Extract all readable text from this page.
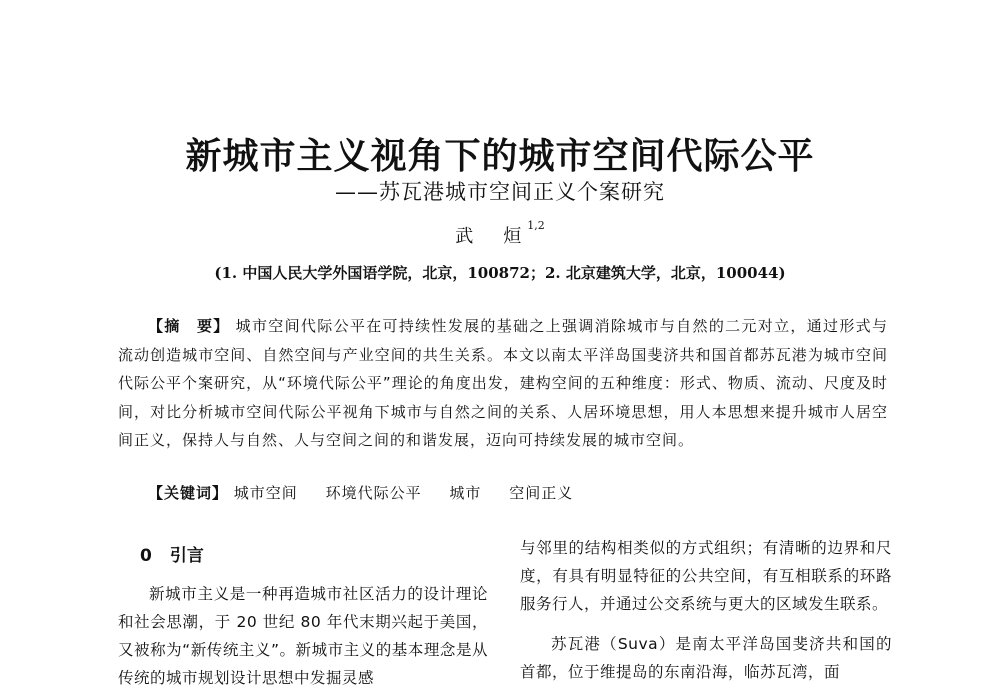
新城市主义视角下的城市空间代际公平
——苏瓦港城市空间正义个案研究
武　烜$^{1,2}$
(1. 中国人民大学外国语学院，北京，100872；2. 北京建筑大学，北京，100044)
【摘　要】 城市空间代际公平在可持续性发展的基础之上强调消除城市与自然的二元对立，通过形式与流动创造城市空间、自然空间与产业空间的共生关系。本文以南太平洋岛国斐济共和国首都苏瓦港为城市空间代际公平个案研究，从“环境代际公平”理论的角度出发，建构空间的五种维度：形式、物质、流动、尺度及时间，对比分析城市空间代际公平视角下城市与自然之间的关系、人居环境思想，用人本思想来提升城市人居空间正义，保持人与自然、人与空间之间的和谐发展，迈向可持续发展的城市空间。
【关键词】 城市空间 环境代际公平 城市 空间正义
0 引言
新城市主义是一种再造城市社区活力的设计理论和社会思潮，于 20 世纪 80 年代末期兴起于美国，又被称为“新传统主义”。新城市主义的基本理念是从传统的城市规划设计思想中发掘灵感
与邻里的结构相类似的方式组织；有清晰的边界和尺度，有具有明显特征的公共空间，有互相联系的环路服务行人，并通过公交系统与更大的区域发生联系。
苏瓦港（Suva）是南太平洋岛国斐济共和国的首都，位于维提岛的东南沿海，临苏瓦湾，面
